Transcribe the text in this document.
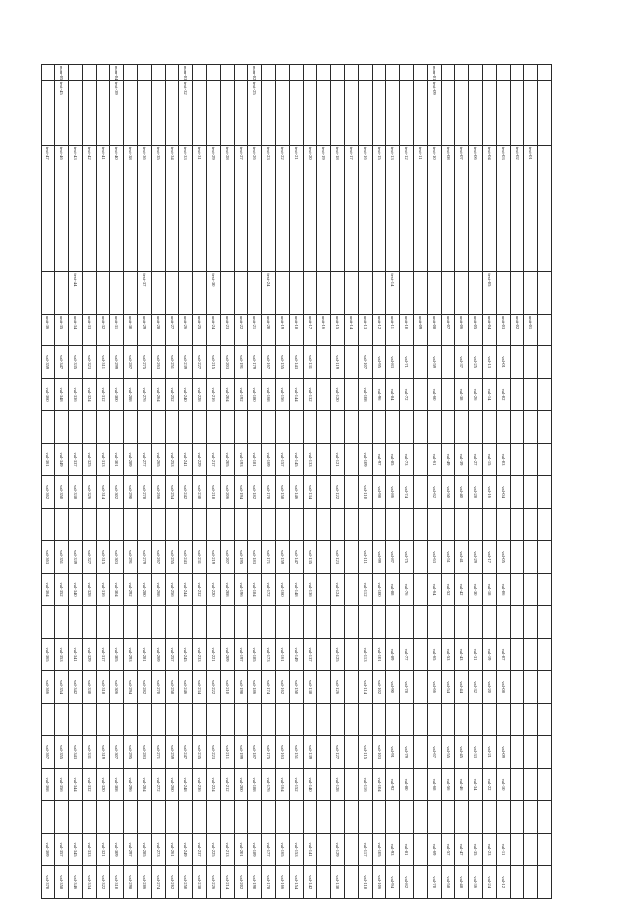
		text-01		unit-01																	
		text-02		unit-02																	
		text-03		unit-03	val-01	val-02		val-03	val-04		val-05	val-06		val-07	val-08		val-09	val-10		val-11	val-12
		text-04	text-05	unit-04	val-13	val-14		val-15	val-16		val-17	val-18		val-19	val-20		val-21	val-22		val-23	val-24
		text-06		unit-05	val-25	val-26		val-27	val-28		val-29	val-30		val-31	val-32		val-33	val-34		val-35	val-36
		text-07		unit-06	val-37	val-38		val-39	val-40		val-41	val-42		val-43	val-44		val-45	val-46		val-47	val-48
		text-08		unit-07				val-49	val-50		val-51	val-52		val-53	val-54		val-55	val-56		val-57	val-58
num-01	text-09	text-10		unit-08	val-59	val-60		val-61	val-62		val-63	val-64		val-65	val-66		val-67	val-68		val-69	val-70
		text-11		unit-09																	
		text-12		unit-10	val-71	val-72		val-73	val-74		val-75	val-76		val-77	val-78		val-79	val-80		val-81	val-82
		text-13	text-14	unit-11	val-83	val-84		val-85	val-86		val-87	val-88		val-89	val-90		val-91	val-92		val-93	val-94
		text-15		unit-12	val-95	val-96		val-97	val-98		val-99	val-100		val-101	val-102		val-103	val-104		val-105	val-106
		text-16		unit-13	val-107	val-108		val-109	val-110		val-111	val-112		val-113	val-114		val-115	val-116		val-117	val-118
		text-17		unit-14																	
		text-18		unit-15	val-119	val-120		val-121	val-122		val-123	val-124		val-125	val-126		val-127	val-128		val-129	val-130
		text-19		unit-16																	
		text-20		unit-17	val-131	val-132		val-133	val-134		val-135	val-136		val-137	val-138		val-139	val-140		val-141	val-142
		text-21		unit-18	val-143	val-144		val-145	val-146		val-147	val-148		val-149	val-150		val-151	val-152		val-153	val-154
		text-22		unit-19	val-155	val-156		val-157	val-158		val-159	val-160		val-161	val-162		val-163	val-164		val-165	val-166
		text-23	text-24	unit-20	val-167	val-168		val-169	val-170		val-171	val-172		val-173	val-174		val-175	val-176		val-177	val-178
num-02	text-25	text-26		unit-21	val-179	val-180		val-181	val-182		val-183	val-184		val-185	val-186		val-187	val-188		val-189	val-190
		text-27		unit-22	val-191	val-192		val-193	val-194		val-195	val-196		val-197	val-198		val-199	val-200		val-201	val-202
		text-28		unit-23	val-203	val-204		val-205	val-206		val-207	val-208		val-209	val-210		val-211	val-212		val-213	val-214
		text-29	text-30	unit-24	val-215	val-216		val-217	val-218		val-219	val-220		val-221	val-222		val-223	val-224		val-225	val-226
		text-31		unit-25	val-227	val-228		val-229	val-230		val-231	val-232		val-233	val-234		val-235	val-236		val-237	val-238
num-03	text-32	text-33		unit-26	val-239	val-240		val-241	val-242		val-243	val-244		val-245	val-246		val-247	val-248		val-249	val-250
		text-34		unit-27	val-251	val-252		val-253	val-254		val-255	val-256		val-257	val-258		val-259	val-260		val-261	val-262
		text-35		unit-28	val-263	val-264		val-265	val-266		val-267	val-268		val-269	val-270		val-271	val-272		val-273	val-274
		text-36	text-37	unit-29	val-275	val-276		val-277	val-278		val-279	val-280		val-281	val-282		val-283	val-284		val-285	val-286
		text-38		unit-30	val-287	val-288		val-289	val-290		val-291	val-292		val-293	val-294		val-295	val-296		val-297	val-298
num-04	text-39	text-40		unit-31	val-299	val-300		val-301	val-302		val-303	val-304		val-305	val-306		val-307	val-308		val-309	val-310
		text-41		unit-32	val-311	val-312		val-313	val-314		val-315	val-316		val-317	val-318		val-319	val-320		val-321	val-322
		text-42		unit-33	val-323	val-324		val-325	val-326		val-327	val-328		val-329	val-330		val-331	val-332		val-333	val-334
		text-43	text-44	unit-34	val-335	val-336		val-337	val-338		val-339	val-340		val-341	val-342		val-343	val-344		val-345	val-346
num-05	text-45	text-46		unit-35	val-347	val-348		val-349	val-350		val-351	val-352		val-353	val-354		val-355	val-356		val-357	val-358
		text-47		unit-36	val-359	val-360		val-361	val-362		val-363	val-364		val-365	val-366		val-367	val-368		val-369	val-370
